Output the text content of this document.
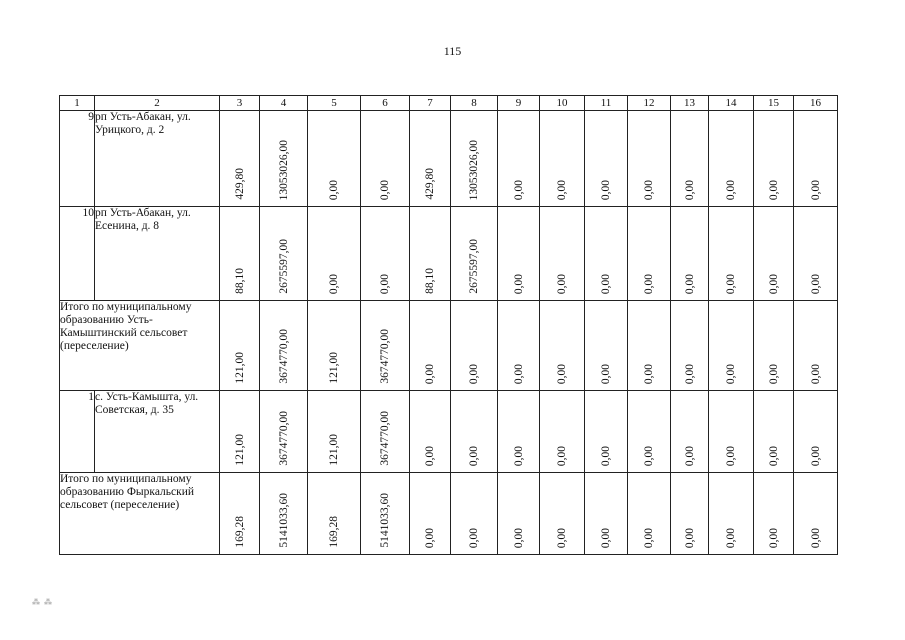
115
1	2	3	4	5	6	7	8	9	10	11	12	13	14	15	16
9	рп Усть-Абакан, ул. Урицкого, д. 2	429,80	13053026,00	0,00	0,00	429,80	13053026,00	0,00	0,00	0,00	0,00	0,00	0,00	0,00	0,00

10	рп Усть-Абакан, ул. Есенина, д. 8	88,10	2675597,00	0,00	0,00	88,10	2675597,00	0,00	0,00	0,00	0,00	0,00	0,00	0,00	0,00

Итого по муниципальному образованию Усть-Камыштинский сельсовет (переселение)		121,00	3674770,00	121,00	3674770,00	0,00	0,00	0,00	0,00	0,00	0,00	0,00	0,00	0,00	0,00

1	с. Усть-Камышта, ул. Советская, д. 35	121,00	3674770,00	121,00	3674770,00	0,00	0,00	0,00	0,00	0,00	0,00	0,00	0,00	0,00	0,00

Итого по муниципальному образованию Фыркальский сельсовет (переселение)		169,28	5141033,60	169,28	5141033,60	0,00	0,00	0,00	0,00	0,00	0,00	0,00	0,00	0,00	0,00
⁂ ⁂
